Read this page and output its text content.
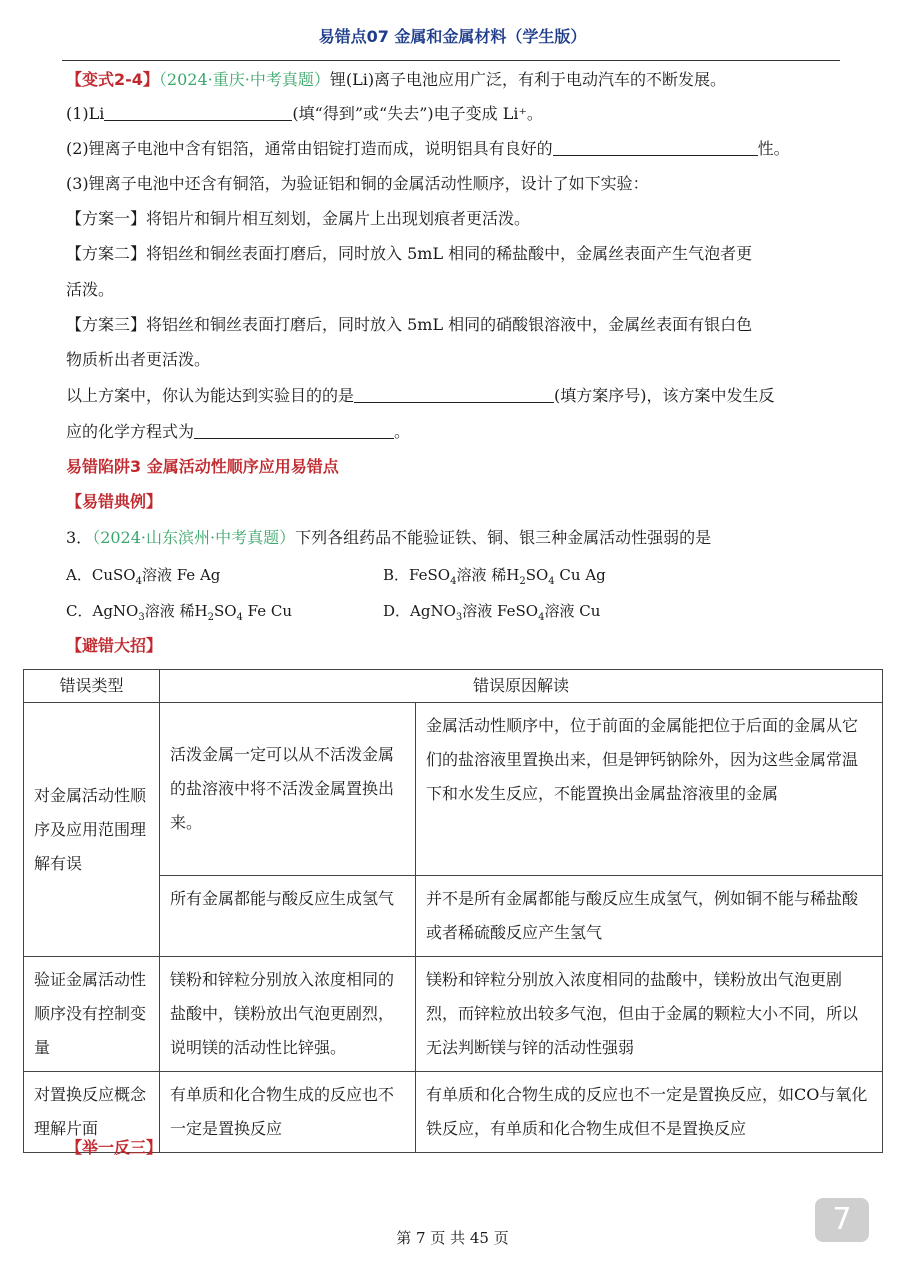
易错点07 金属和金属材料（学生版）
【变式2-4】（2024·重庆·中考真题）锂(Li)离子电池应用广泛，有利于电动汽车的不断发展。
(1)Li	(填“得到”或“失去”)电子变成 Li⁺。
(2)锂离子电池中含有铝箔，通常由铝锭打造而成，说明铝具有良好的	性。
(3)锂离子电池中还含有铜箔，为验证铝和铜的金属活动性顺序，设计了如下实验：
【方案一】将铝片和铜片相互刻划，金属片上出现划痕者更活泼。
【方案二】将铝丝和铜丝表面打磨后，同时放入 5mL 相同的稀盐酸中，金属丝表面产生气泡者更
活泼。
【方案三】将铝丝和铜丝表面打磨后，同时放入 5mL 相同的硝酸银溶液中，金属丝表面有银白色
物质析出者更活泼。
以上方案中，你认为能达到实验目的的是	(填方案序号)，该方案中发生反
应的化学方程式为	。
易错陷阱3 金属活动性顺序应用易错点
【易错典例】
3．（2024·山东滨州·中考真题）下列各组药品不能验证铁、铜、银三种金属活动性强弱的是
A．CuSO$_4$溶液 Fe Ag	B．FeSO$_4$溶液 稀$H_2SO_4$ Cu Ag
C．AgNO$_3$溶液 稀$H_2SO_4$ Fe Cu	D．AgNO$_3$溶液 FeSO$_4$溶液 Cu
【避错大招】
错误类型	错误原因解读	
对金属活动性顺序及应用范围理解有误	活泼金属一定可以从不活泼金属的盐溶液中将不活泼金属置换出来。	金属活动性顺序中，位于前面的金属能把位于后面的金属从它们的盐溶液里置换出来，但是钾钙钠除外，因为这些金属常温下和水发生反应，不能置换出金属盐溶液里的金属
	所有金属都能与酸反应生成氢气	并不是所有金属都能与酸反应生成氢气，例如铜不能与稀盐酸或者稀硫酸反应产生氢气
验证金属活动性顺序没有控制变量	镁粉和锌粒分别放入浓度相同的盐酸中，镁粉放出气泡更剧烈，说明镁的活动性比锌强。	镁粉和锌粒分别放入浓度相同的盐酸中，镁粉放出气泡更剧烈，而锌粒放出较多气泡，但由于金属的颗粒大小不同，所以无法判断镁与锌的活动性强弱
对置换反应概念理解片面	有单质和化合物生成的反应也不一定是置换反应	有单质和化合物生成的反应也不一定是置换反应，如CO与氧化铁反应，有单质和化合物生成但不是置换反应
【举一反三】
第 7 页 共 45 页
7
